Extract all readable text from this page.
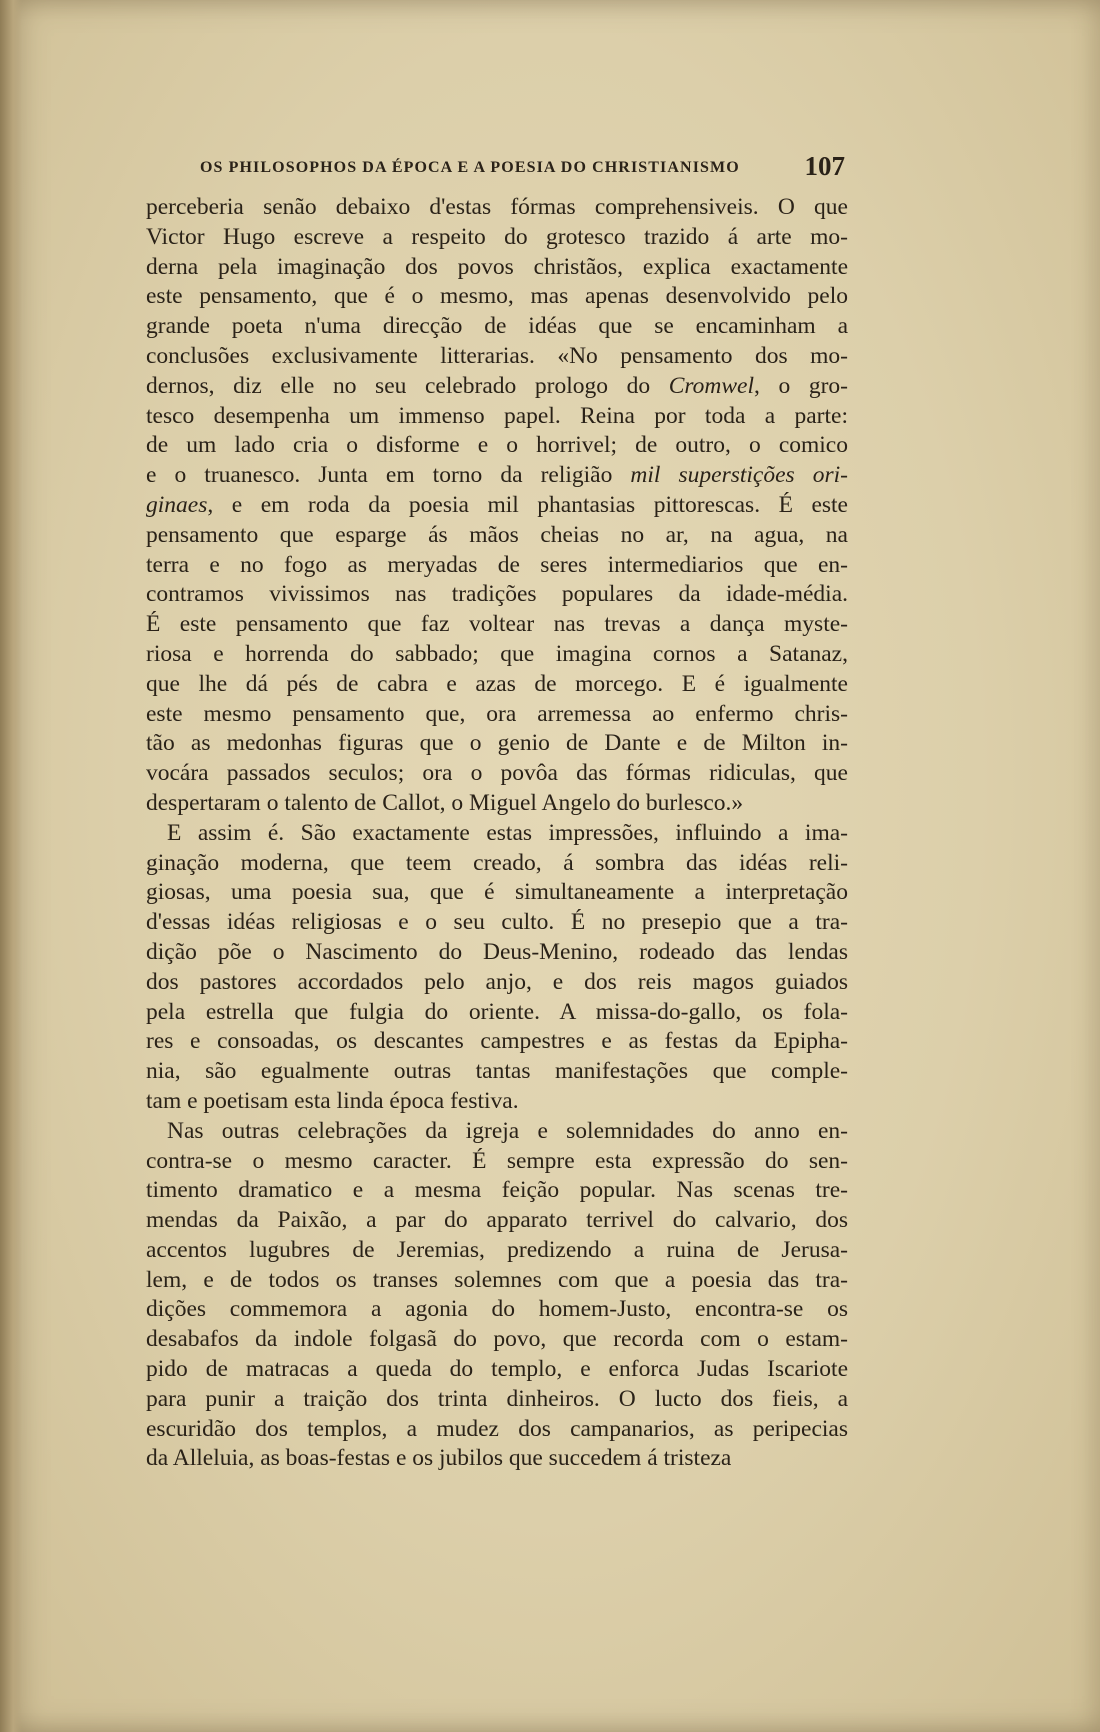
OS PHILOSOPHOS DA ÉPOCA E A POESIA DO CHRISTIANISMO 107
perceberia senão debaixo d'estas fórmas comprehensiveis. O que
Victor Hugo escreve a respeito do grotesco trazido á arte mo-
derna pela imaginação dos povos christãos, explica exactamente
este pensamento, que é o mesmo, mas apenas desenvolvido pelo
grande poeta n'uma direcção de idéas que se encaminham a
conclusões exclusivamente litterarias. «No pensamento dos mo-
dernos, diz elle no seu celebrado prologo do Cromwel, o gro-
tesco desempenha um immenso papel. Reina por toda a parte:
de um lado cria o disforme e o horrivel; de outro, o comico
e o truanesco. Junta em torno da religião mil superstições ori-
ginaes, e em roda da poesia mil phantasias pittorescas. É este
pensamento que esparge ás mãos cheias no ar, na agua, na
terra e no fogo as meryadas de seres intermediarios que en-
contramos vivissimos nas tradições populares da idade-média.
É este pensamento que faz voltear nas trevas a dança myste-
riosa e horrenda do sabbado; que imagina cornos a Satanaz,
que lhe dá pés de cabra e azas de morcego. E é igualmente
este mesmo pensamento que, ora arremessa ao enfermo chris-
tão as medonhas figuras que o genio de Dante e de Milton in-
vocára passados seculos; ora o povôa das fórmas ridiculas, que
despertaram o talento de Callot, o Miguel Angelo do burlesco.»
E assim é. São exactamente estas impressões, influindo a ima-
ginação moderna, que teem creado, á sombra das idéas reli-
giosas, uma poesia sua, que é simultaneamente a interpretação
d'essas idéas religiosas e o seu culto. É no presepio que a tra-
dição põe o Nascimento do Deus-Menino, rodeado das lendas
dos pastores accordados pelo anjo, e dos reis magos guiados
pela estrella que fulgia do oriente. A missa-do-gallo, os fola-
res e consoadas, os descantes campestres e as festas da Epipha-
nia, são egualmente outras tantas manifestações que comple-
tam e poetisam esta linda época festiva.
Nas outras celebrações da igreja e solemnidades do anno en-
contra-se o mesmo caracter. É sempre esta expressão do sen-
timento dramatico e a mesma feição popular. Nas scenas tre-
mendas da Paixão, a par do apparato terrivel do calvario, dos
accentos lugubres de Jeremias, predizendo a ruina de Jerusa-
lem, e de todos os transes solemnes com que a poesia das tra-
dições commemora a agonia do homem-Justo, encontra-se os
desabafos da indole folgasã do povo, que recorda com o estam-
pido de matracas a queda do templo, e enforca Judas Iscariote
para punir a traição dos trinta dinheiros. O lucto dos fieis, a
escuridão dos templos, a mudez dos campanarios, as peripecias
da Alleluia, as boas-festas e os jubilos que succedem á tristeza
